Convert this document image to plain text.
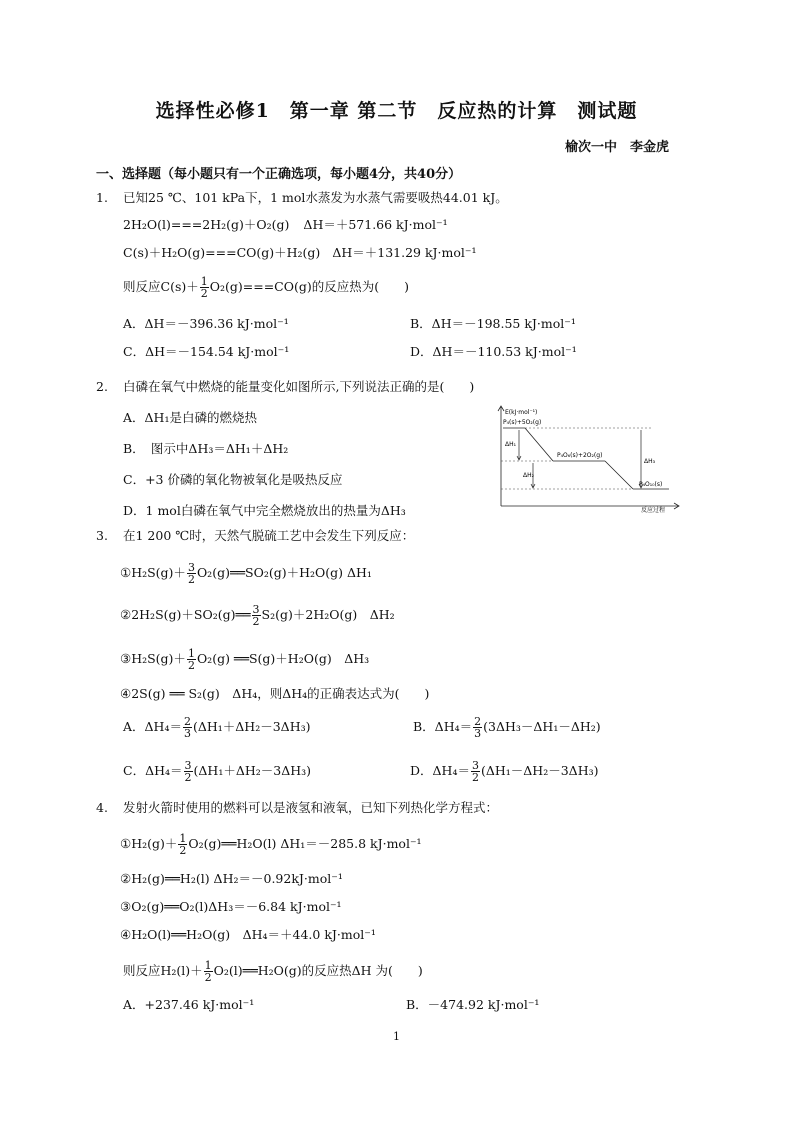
选择性必修1　第一章 第二节　反应热的计算　测试题
榆次一中　李金虎
一、选择题（每小题只有一个正确选项，每小题4分，共40分）
1. 已知25 ℃、101 kPa下，1 mol水蒸发为水蒸气需要吸热44.01 kJ。
2H₂O(l)===2H₂(g)＋O₂(g) ΔH＝＋571.66 kJ·mol⁻¹
C(s)＋H₂O(g)===CO(g)＋H₂(g) ΔH＝＋131.29 kJ·mol⁻¹
则反应$C(s)+ \frac{1}{2} O_2(g)===CO(g)$的反应热为(　　)
A．ΔH＝－396.36 kJ·mol⁻¹	B．ΔH＝－198.55 kJ·mol⁻¹
C．ΔH＝－154.54 kJ·mol⁻¹	D．ΔH＝－110.53 kJ·mol⁻¹
2. 白磷在氧气中燃烧的能量变化如图所示,下列说法正确的是(　　)
A．ΔH₁是白磷的燃烧热
B．　图示中ΔH₃＝ΔH₁＋ΔH₂
C．+3 价磷的氧化物被氧化是吸热反应
D．1 mol白磷在氧气中完全燃烧放出的热量为ΔH₃
E(kJ·mol⁻¹)
P₄(s)+5O₂(g)
P₄O₆(s)+2O₂(g)
P₄O₁₀(s)
ΔH₁
ΔH₂
ΔH₃
反应过程
3. 在1 200 ℃时，天然气脱硫工艺中会发生下列反应：
①H₂S(g)＋ $\frac{3}{2}$ O₂(g)══SO₂(g)＋H₂O(g) ΔH₁
②2H₂S(g)＋SO₂(g)══ $\frac{3}{2} S_2(g)+2H_2O(g)$　ΔH₂
③H₂S(g)＋ $\frac{1}{2} O_2(g)$ ══S(g)＋H₂O(g)　ΔH₃
④2S(g) ══ S₂(g)　ΔH₄，则ΔH₄的正确表达式为(　　)
A．$\Delta H_4= \frac{2}{3} (\Delta H_1+\Delta H_2-3\Delta H_3)$	B．$\Delta H_4= \frac{2}{3} (3\Delta H_3-\Delta H_1-\Delta H_2)$
C．$\Delta H_4= \frac{3}{2} (\Delta H_1+\Delta H_2-3\Delta H_3)$	D．$\Delta H_4= \frac{3}{2} (\Delta H_1-\Delta H_2-3\Delta H_3)$
4. 发射火箭时使用的燃料可以是液氢和液氧，已知下列热化学方程式：
①H₂(g)＋ $\frac{1}{2}$ O₂(g)══H₂O(l) ΔH₁＝－285.8 kJ·mol⁻¹
②H₂(g)══H₂(l) ΔH₂＝－0.92kJ·mol⁻¹
③O₂(g)══O₂(l)ΔH₃＝－6.84 kJ·mol⁻¹
④H₂O(l)══H₂O(g)　ΔH₄＝＋44.0 kJ·mol⁻¹
则反应$H_2(l)+ \frac{1}{2}$ O₂(l)══H₂O(g)的反应热ΔH 为(　　)
A．+237.46 kJ·mol⁻¹	B．－474.92 kJ·mol⁻¹
1
